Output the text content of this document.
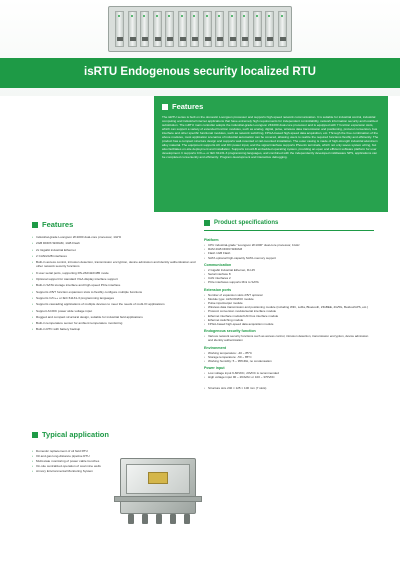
isRTU Endogenous security localized RTU
Features

The isRTU series is built on the domestic Loongson processor and supports high-speed network communication. It is suitable for industrial control, industrial computing and industrial Internet applications that have extremely high requirements for independent controllability, network information security and localized substitution. The isRTU main controller adopts the industrial-grade Loongson 2K1000 dual-core processor and is equipped with 7 function expansion slots, which can support a variety of extended function modules, such as analog, digital, pulse, wireless data transmission and positioning, protocol conversion, bus interface and other specific functional modules, such as network switching, FPGA-based high-speed data acquisition, etc. Through the free combination of the above modules, most application scenarios of industrial automation can be covered, allowing users to realize the required functions flexibly and efficiently. The product has a compact structure design and supports wall-mounted or rail-mounted installation. The outer casing is made of high-strength industrial aluminum alloy material. The equipment supports AC and DC power input, and the signal interface supports Phoenix terminals, which not only saves system wiring, but also facilitates on-site deployment and installation. Supports Linux/LB embedded operating system, providing an open and efficient software platform for user development. It supports C/C++ or IEC 61131-3 programming languages, and combined with the independently developed middleware SPS, applications can be completed conveniently and efficiently. Program development and interactive debugging.

Features
• Industrial-grade Loongson 2K1000 dual-core processor, 1GHz
• 2GB DDR3 SDRAM, 1GB Flash
• 2x Gigabit industrial Ethernet
• 2 CAN/2A/B interfaces
• Built-in access control, intrusion detection, transmission encryption, device admission and identity authentication and other network security functions
• 9 user serial ports, supporting RS-232/422/485 mode
• Optional support for standard VGA display interface support
• Built-in SATA storage interface and high-speed PCIe interface
• Supports 2/5/7 function expansion slots to flexibly configure multiple functions
• Supports C/C++ or IEC 61131-3 programming languages
• Supports cascading applications of multiple devices to meet the needs of multi-IO applications
• Support AC/DC power wide voltage input
• Rugged and compact structural design, suitable for industrial field applications
• Built-in temperature sensor for ambient temperature monitoring
• Built-in RTC with battery backup
Product specifications
Platform
• CPU industrial-grade "Loongson 2K1000" dual-core processor, 1GHz
• RAM 2GB DDR3 SDRAM
• Flash 1GB Flash
• SATA optional high-capacity SATA-memory support
Communication
• 2 Gigabit Industrial Ethernet, RJ-45
• Serial interface 8
• CAN interfaces 2
• PCIe interfaces supports Mini to SATA
Extension ports
• Number of expansion slots 2/5/7 optional
• Module type: AI/AO/DI/DO module
• Pulse input/output module
• Wireless data transmission and positioning module (including WiFi, LoRa, Bluetooth, ZIGBEE, 4G/5G, Beidou/GPS, etc.)
• Protocol conversion module/serial interface module
• Ethernet interface module/CAN bus interface module
• Ethernet switching module
• FPGA-based high-speed data acquisition module
Endogenous security function
• Various network security functions such as access control, intrusion detection, transmission encryption, device admission and identity authentication
Environment
• Working temperature: -40 ~ 85°C
• Storage temperature: -50 ~ 85°C
• Working humidity: 5 ~ 95%RH, no condensation
Power input
• Low voltage input 9-60VDC, 24VDC is recommended
• High voltage input 90 ~ 264VAC or 100 ~ 370VDC
• Structure size 240 × 125 × 100 mm (7 slots)
Typical application
• Domestic replacement of oil field RTU
• Oil and gas long-distance pipeline RTU
• Multi-state monitoring of power cable trenches
• On-site centralized operation of coal mine wells
• Armory Environmental Monitoring System
